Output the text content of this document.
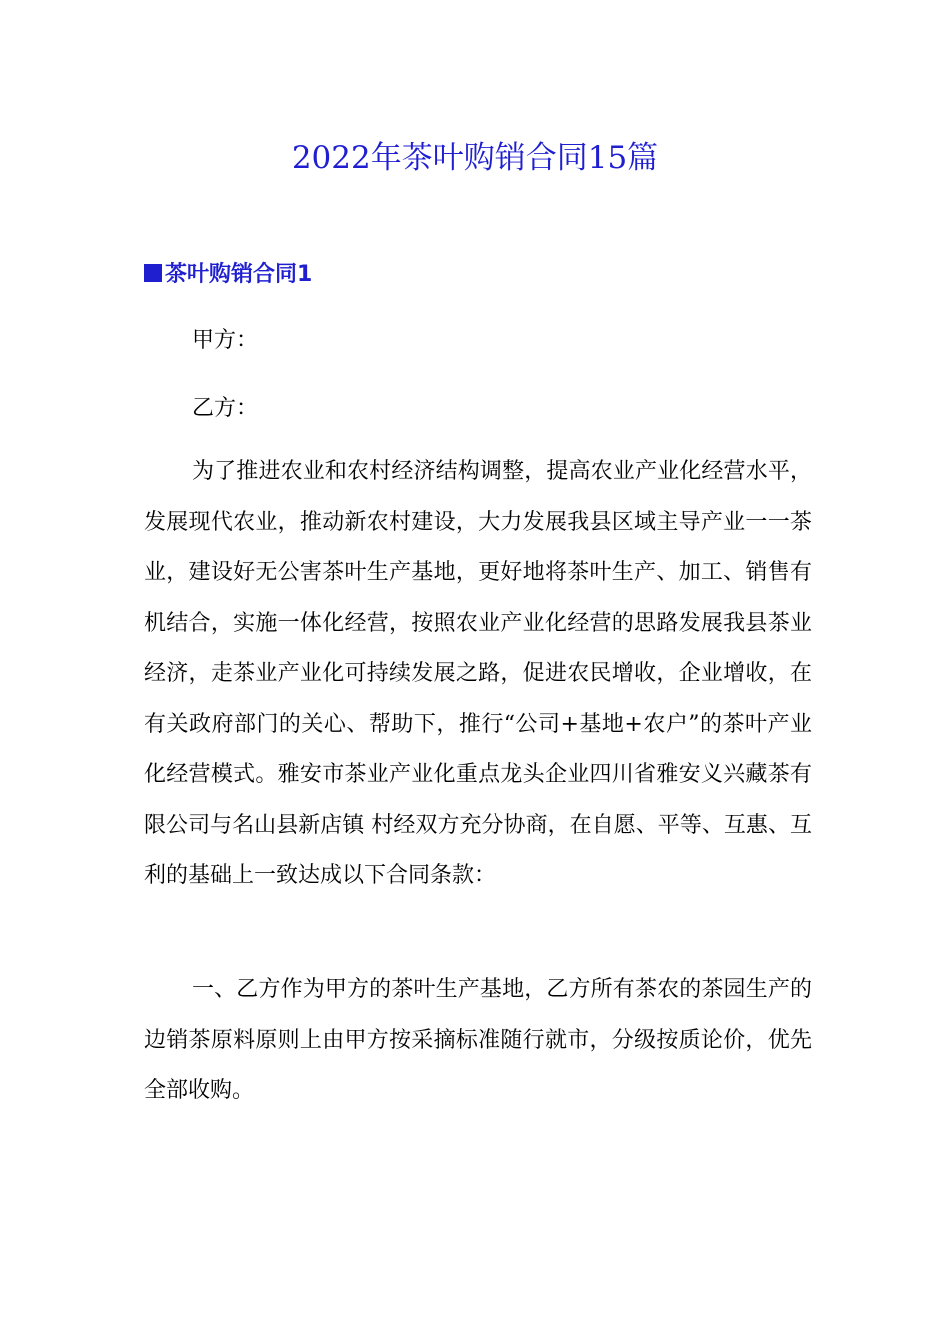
2022年茶叶购销合同15篇
茶叶购销合同1

甲方：

乙方：

为了推进农业和农村经济结构调整，提高农业产业化经营水平，发展现代农业，推动新农村建设，大力发展我县区域主导产业一一茶业，建设好无公害茶叶生产基地，更好地将茶叶生产、加工、销售有机结合，实施一体化经营，按照农业产业化经营的思路发展我县茶业经济，走茶业产业化可持续发展之路，促进农民增收，企业增收，在有关政府部门的关心、帮助下，推行“公司+基地+农户”的茶叶产业化经营模式。雅安市茶业产业化重点龙头企业四川省雅安义兴藏茶有限公司与名山县新店镇 村经双方充分协商，在自愿、平等、互惠、互利的基础上一致达成以下合同条款：

一、乙方作为甲方的茶叶生产基地，乙方所有茶农的茶园生产的边销茶原料原则上由甲方按采摘标准随行就市，分级按质论价，优先全部收购。
